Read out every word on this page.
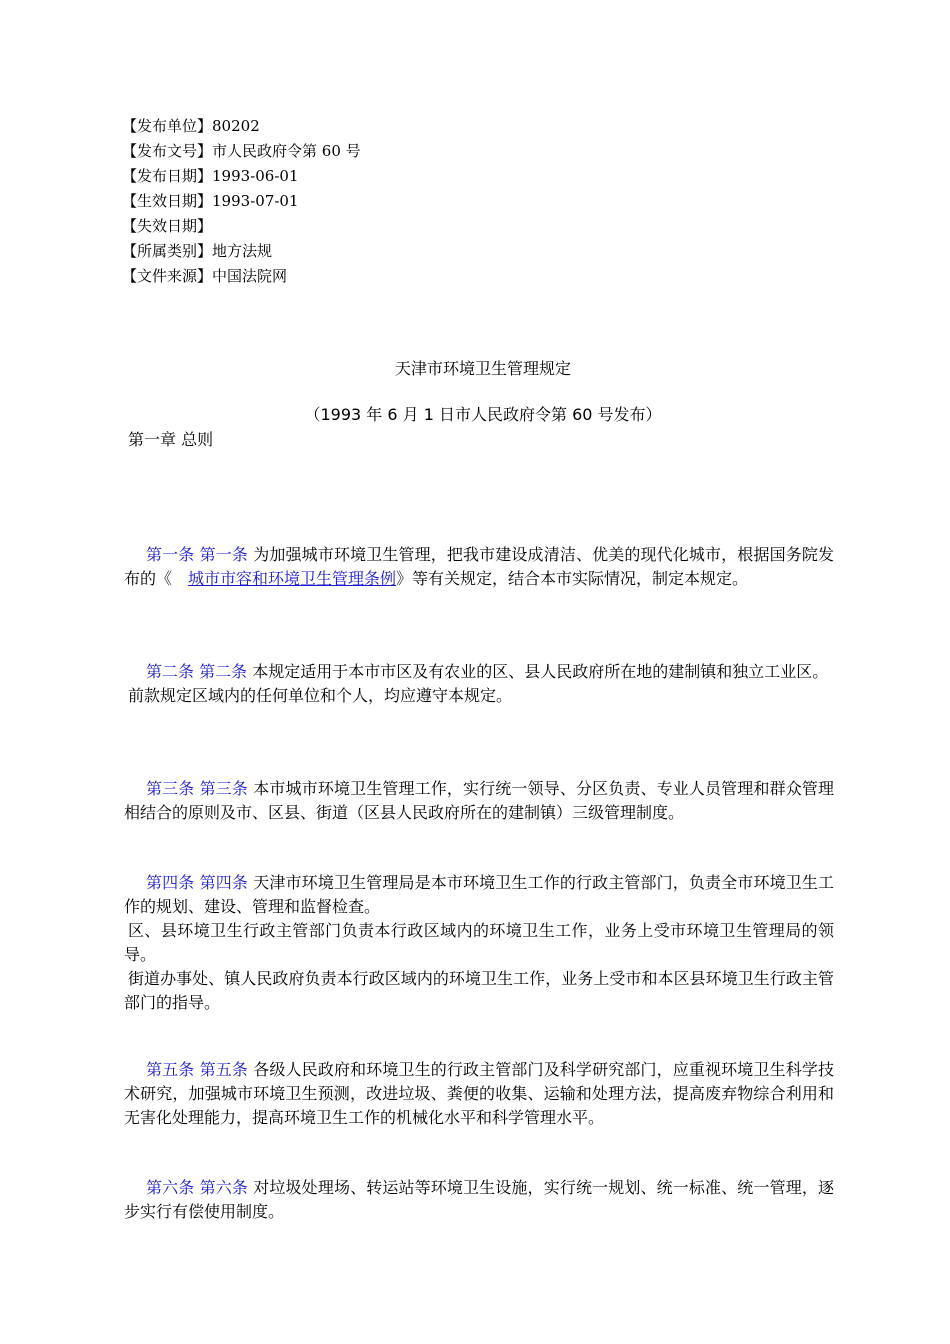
【发布单位】80202
【发布文号】市人民政府令第 60 号
【发布日期】1993-06-01
【生效日期】1993-07-01
【失效日期】
【所属类别】地方法规
【文件来源】中国法院网
天津市环境卫生管理规定
（1993 年 6 月 1 日市人民政府令第 60 号发布）
第一章 总则

第一条 第一条 为加强城市环境卫生管理，把我市建设成清洁、优美的现代化城市，根据国务院发布的《 城市市容和环境卫生管理条例》等有关规定，结合本市实际情况，制定本规定。

第二条 第二条 本规定适用于本市市区及有农业的区、县人民政府所在地的建制镇和独立工业区。

前款规定区域内的任何单位和个人，均应遵守本规定。

第三条 第三条 本市城市环境卫生管理工作，实行统一领导、分区负责、专业人员管理和群众管理相结合的原则及市、区县、街道（区县人民政府所在的建制镇）三级管理制度。

第四条 第四条 天津市环境卫生管理局是本市环境卫生工作的行政主管部门，负责全市环境卫生工作的规划、建设、管理和监督检查。

区、县环境卫生行政主管部门负责本行政区域内的环境卫生工作，业务上受市环境卫生管理局的领导。

街道办事处、镇人民政府负责本行政区域内的环境卫生工作，业务上受市和本区县环境卫生行政主管部门的指导。

第五条 第五条 各级人民政府和环境卫生的行政主管部门及科学研究部门，应重视环境卫生科学技术研究，加强城市环境卫生预测，改进垃圾、粪便的收集、运输和处理方法，提高废弃物综合利用和无害化处理能力，提高环境卫生工作的机械化水平和科学管理水平。

第六条 第六条 对垃圾处理场、转运站等环境卫生设施，实行统一规划、统一标准、统一管理，逐步实行有偿使用制度。
